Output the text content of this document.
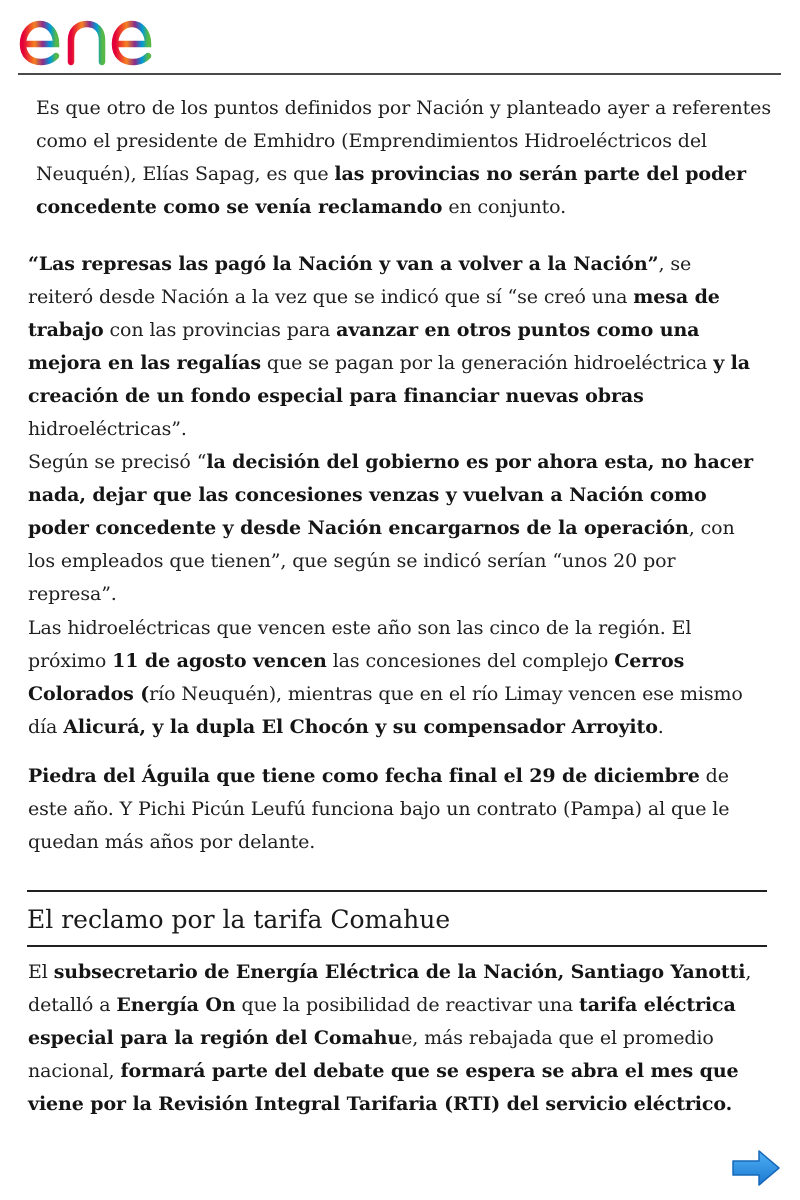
Es que otro de los puntos definidos por Nación y planteado ayer a referentes como el presidente de Emhidro (Emprendimientos Hidroeléctricos del Neuquén), Elías Sapag, es que las provincias no serán parte del poder concedente como se venía reclamando en conjunto.

“Las represas las pagó la Nación y van a volver a la Nación”, se reiteró desde Nación a la vez que se indicó que sí “se creó una mesa de trabajo con las provincias para avanzar en otros puntos como una mejora en las regalías que se pagan por la generación hidroeléctrica y la creación de un fondo especial para financiar nuevas obras hidroeléctricas”.

Según se precisó “la decisión del gobierno es por ahora esta, no hacer nada, dejar que las concesiones venzas y vuelvan a Nación como poder concedente y desde Nación encargarnos de la operación, con los empleados que tienen”, que según se indicó serían “unos 20 por represa”.

Las hidroeléctricas que vencen este año son las cinco de la región. El próximo 11 de agosto vencen las concesiones del complejo Cerros Colorados (río Neuquén), mientras que en el río Limay vencen ese mismo día Alicurá, y la dupla El Chocón y su compensador Arroyito.

Piedra del Águila que tiene como fecha final el 29 de diciembre de este año. Y Pichi Picún Leufú funciona bajo un contrato (Pampa) al que le quedan más años por delante.

El reclamo por la tarifa Comahue

El subsecretario de Energía Eléctrica de la Nación, Santiago Yanotti, detalló a Energía On que la posibilidad de reactivar una tarifa eléctrica especial para la región del Comahue, más rebajada que el promedio nacional, formará parte del debate que se espera se abra el mes que viene por la Revisión Integral Tarifaria (RTI) del servicio eléctrico.
